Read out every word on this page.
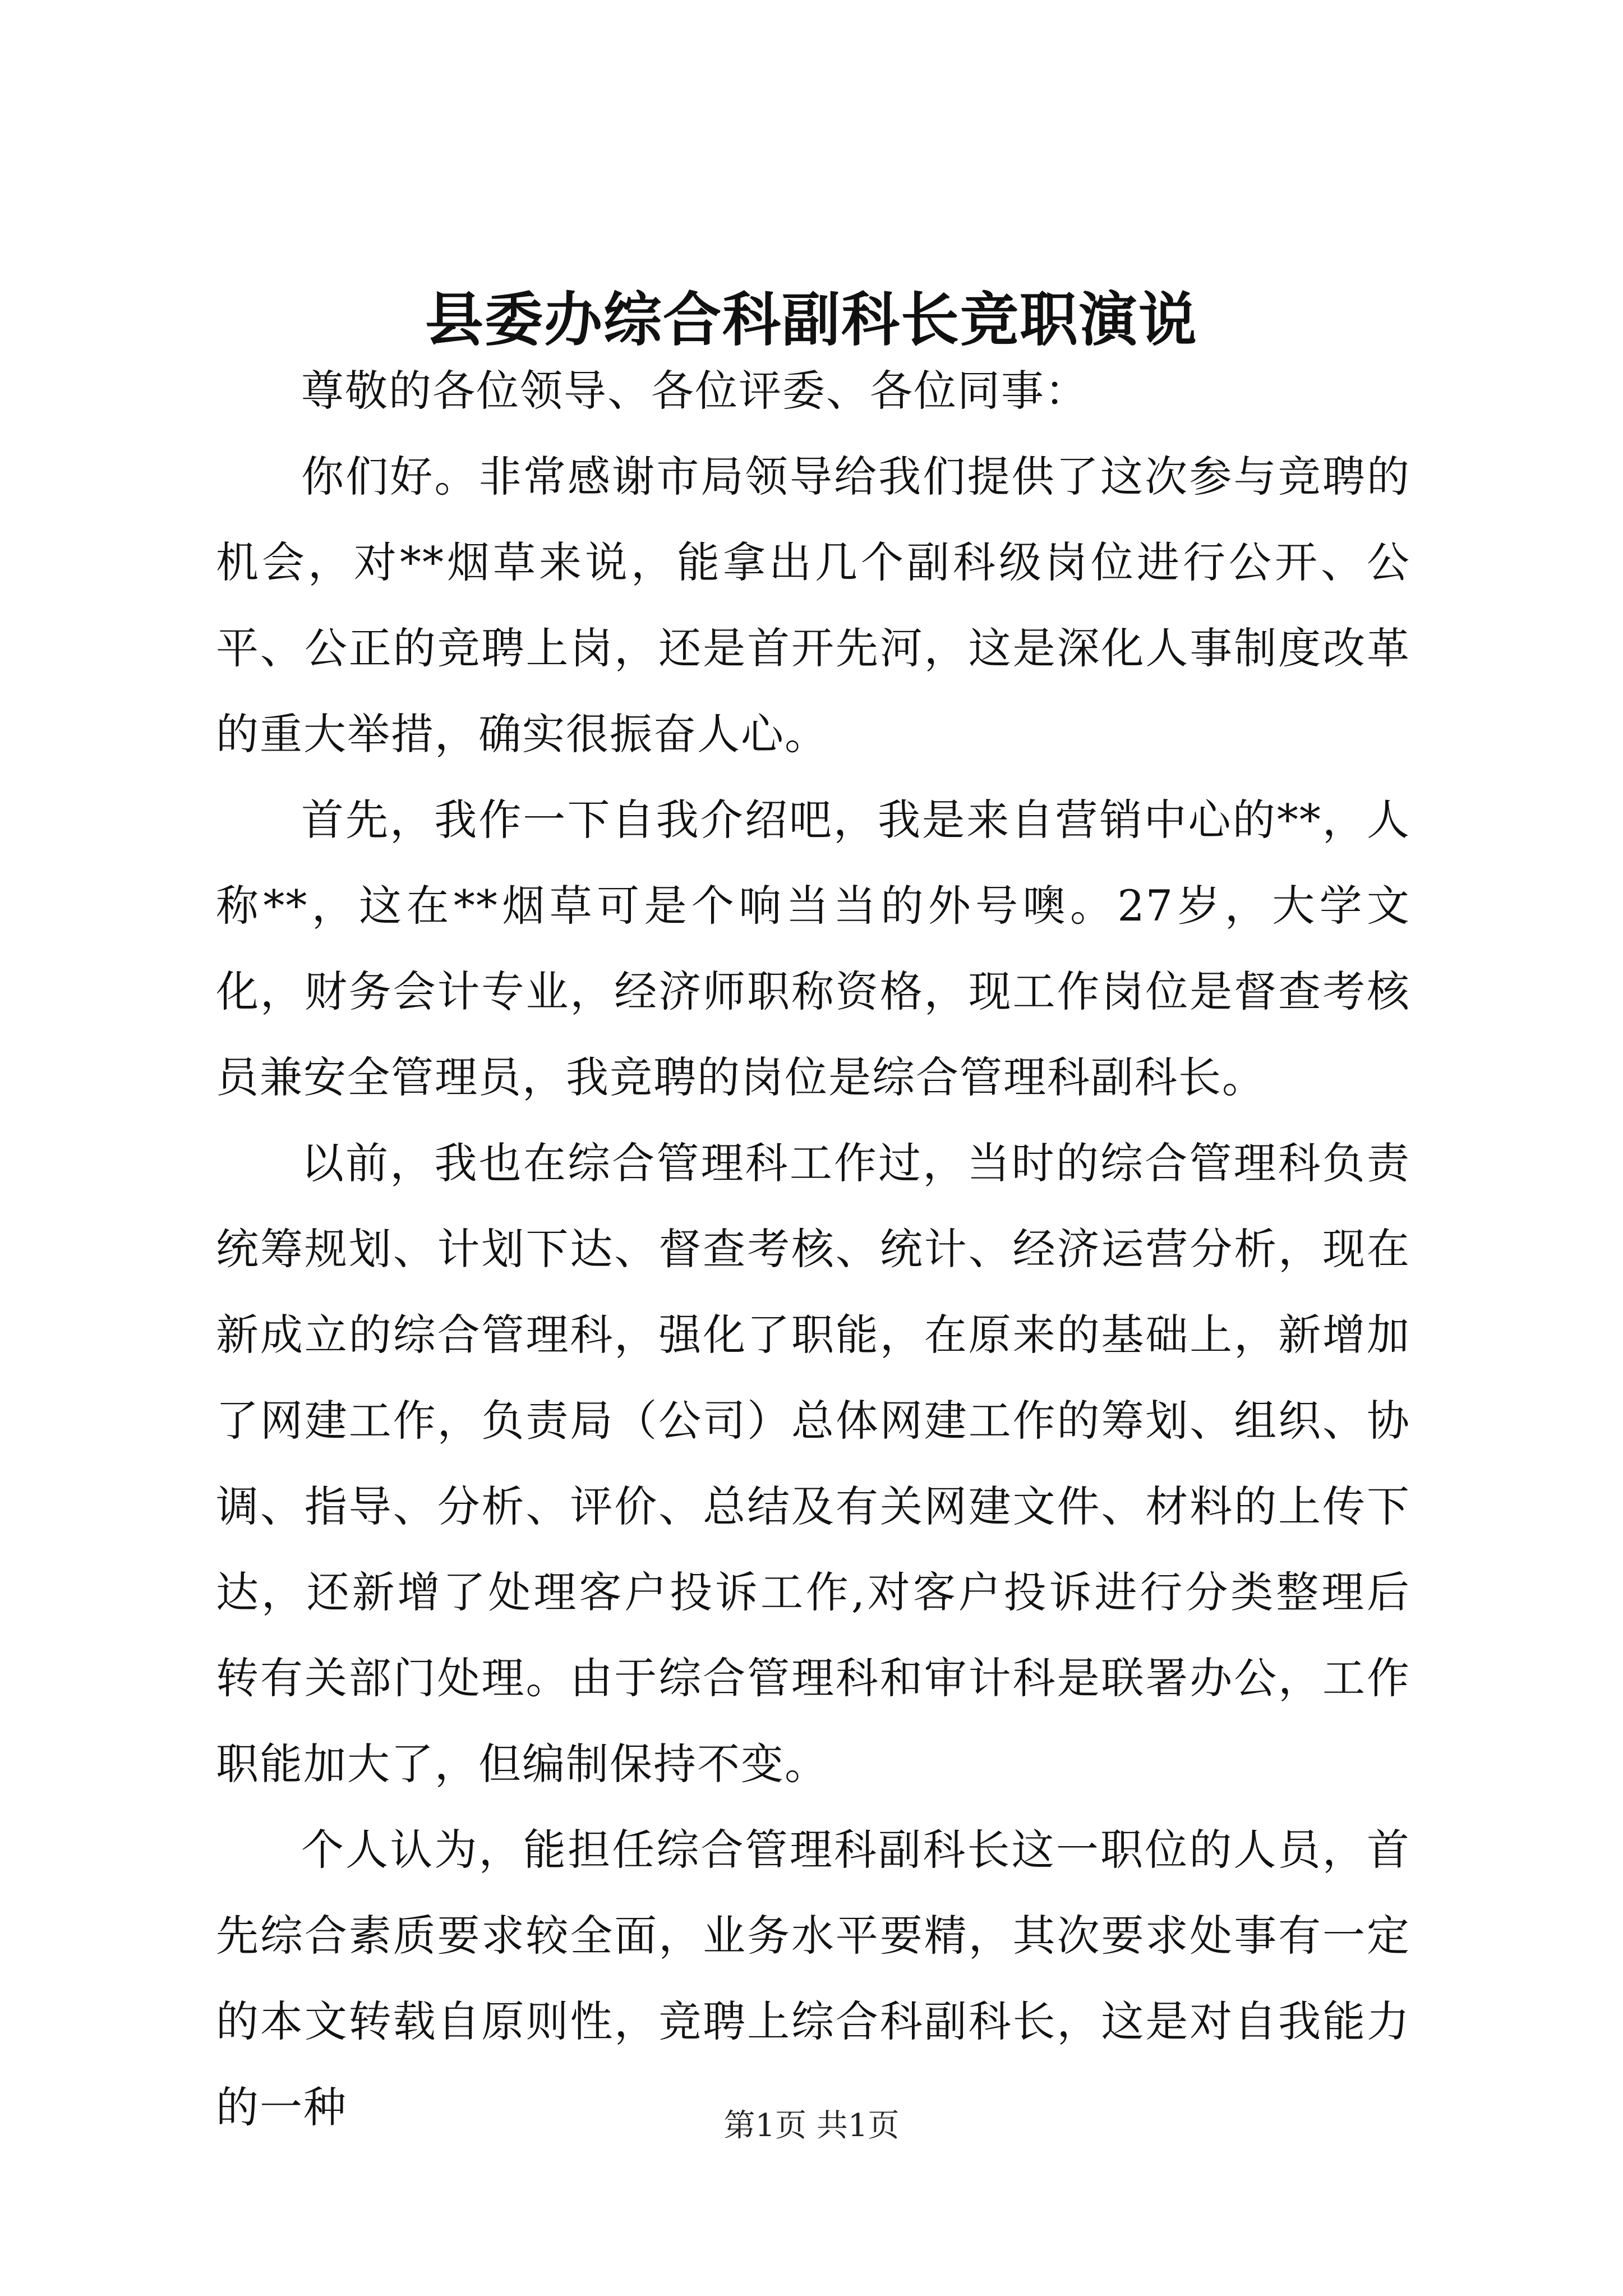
县委办综合科副科长竞职演说

尊敬的各位领导、各位评委、各位同事：

你们好。非常感谢市局领导给我们提供了这次参与竞聘的机会，对**烟草来说，能拿出几个副科级岗位进行公开、公平、公正的竞聘上岗，还是首开先河，这是深化人事制度改革的重大举措，确实很振奋人心。

首先，我作一下自我介绍吧，我是来自营销中心的**，人称**，这在**烟草可是个响当当的外号噢。27岁，大学文化，财务会计专业，经济师职称资格，现工作岗位是督查考核员兼安全管理员，我竞聘的岗位是综合管理科副科长。

以前，我也在综合管理科工作过，当时的综合管理科负责统筹规划、计划下达、督查考核、统计、经济运营分析，现在新成立的综合管理科，强化了职能，在原来的基础上，新增加了网建工作，负责局（公司）总体网建工作的筹划、组织、协调、指导、分析、评价、总结及有关网建文件、材料的上传下达，还新增了处理客户投诉工作,对客户投诉进行分类整理后转有关部门处理。由于综合管理科和审计科是联署办公，工作职能加大了，但编制保持不变。

个人认为，能担任综合管理科副科长这一职位的人员，首先综合素质要求较全面，业务水平要精，其次要求处事有一定的本文转载自原则性，竞聘上综合科副科长，这是对自我能力的一种	第1页 共1页
